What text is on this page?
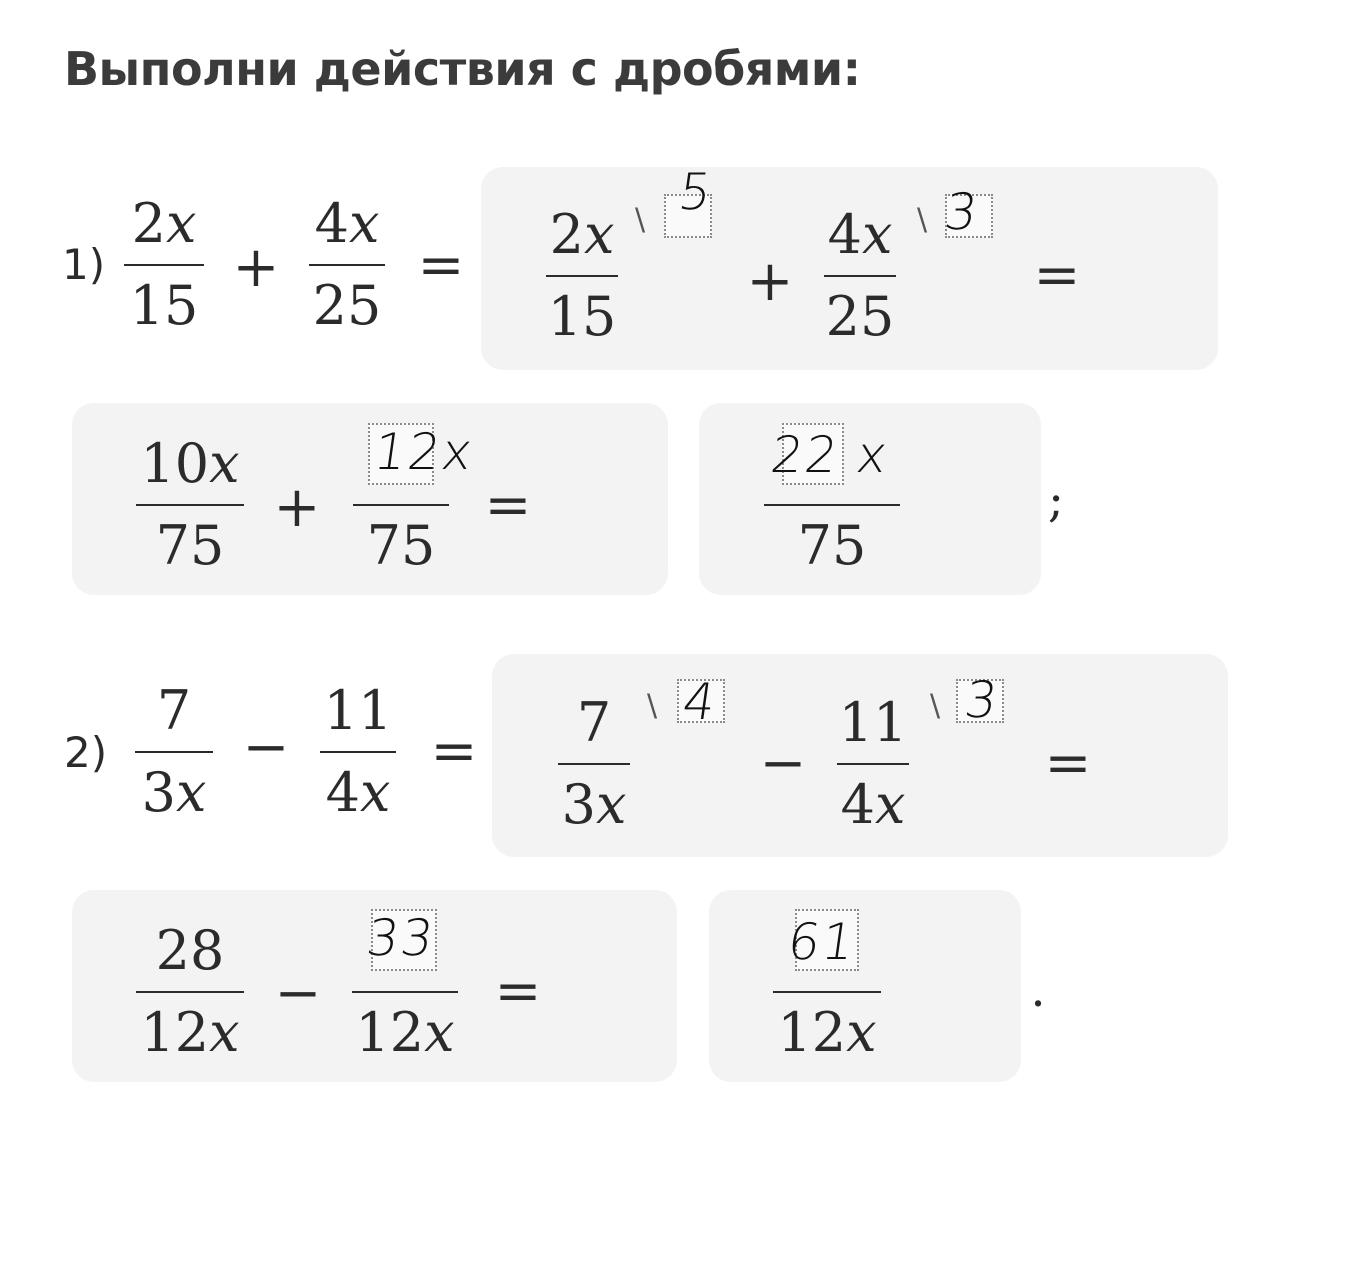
Выполни действия с дробями:
1)
2x
15
+
4x
25
= 2x
15
\ 5
+
4x
25
\ 3
=
10x
75
+
75
12x
=
75
22 x
;
2)
7
3x
−
11
4x
= 7
3x
\ 4
−
11
4x
\ 3
=
28
12x
−
12x
33
=
12x
61
.
